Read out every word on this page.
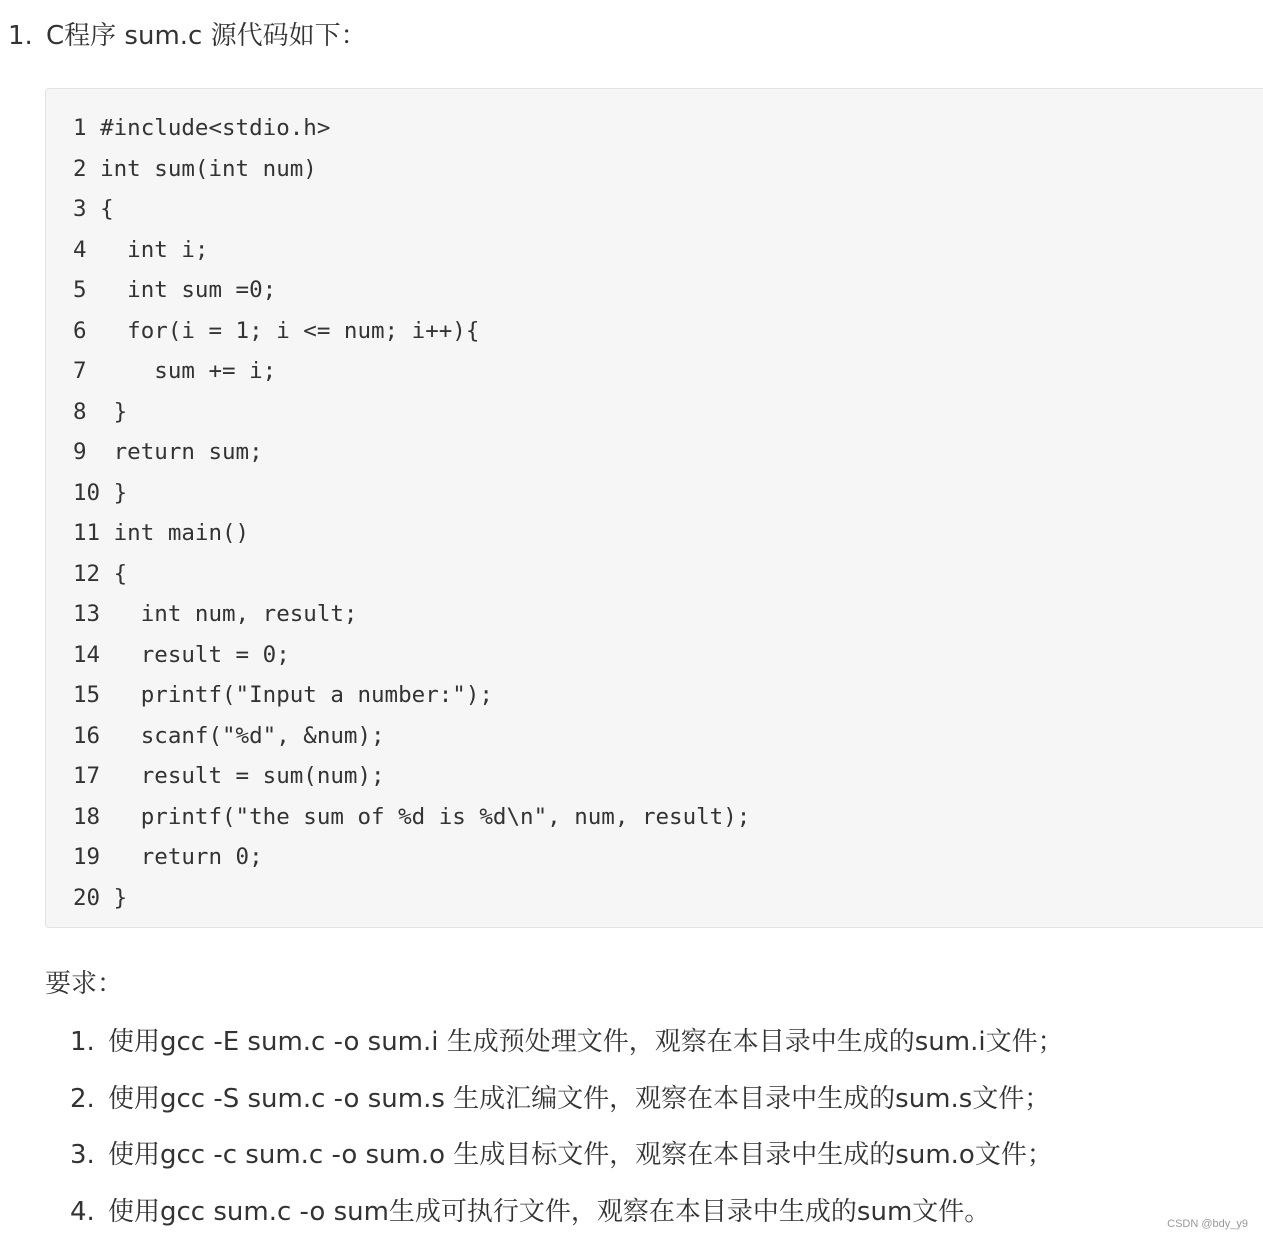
1. C程序 sum.c 源代码如下：
1 #include<stdio.h>
2 int sum(int num)
3 {
4   int i;
5   int sum =0;
6   for(i = 1; i <= num; i++){
7     sum += i;
8  }
9  return sum;
10 }
11 int main()
12 {
13   int num, result;
14   result = 0;
15   printf("Input a number:");
16   scanf("%d", &num);
17   result = sum(num);
18   printf("the sum of %d is %d\n", num, result);
19   return 0;
20 }
要求：
1. 使用gcc -E sum.c -o sum.i 生成预处理文件，观察在本目录中生成的sum.i文件；
2. 使用gcc -S sum.c -o sum.s 生成汇编文件，观察在本目录中生成的sum.s文件；
3. 使用gcc -c sum.c -o sum.o 生成目标文件，观察在本目录中生成的sum.o文件；
4. 使用gcc sum.c -o sum生成可执行文件，观察在本目录中生成的sum文件。	CSDN @bdy_y9
